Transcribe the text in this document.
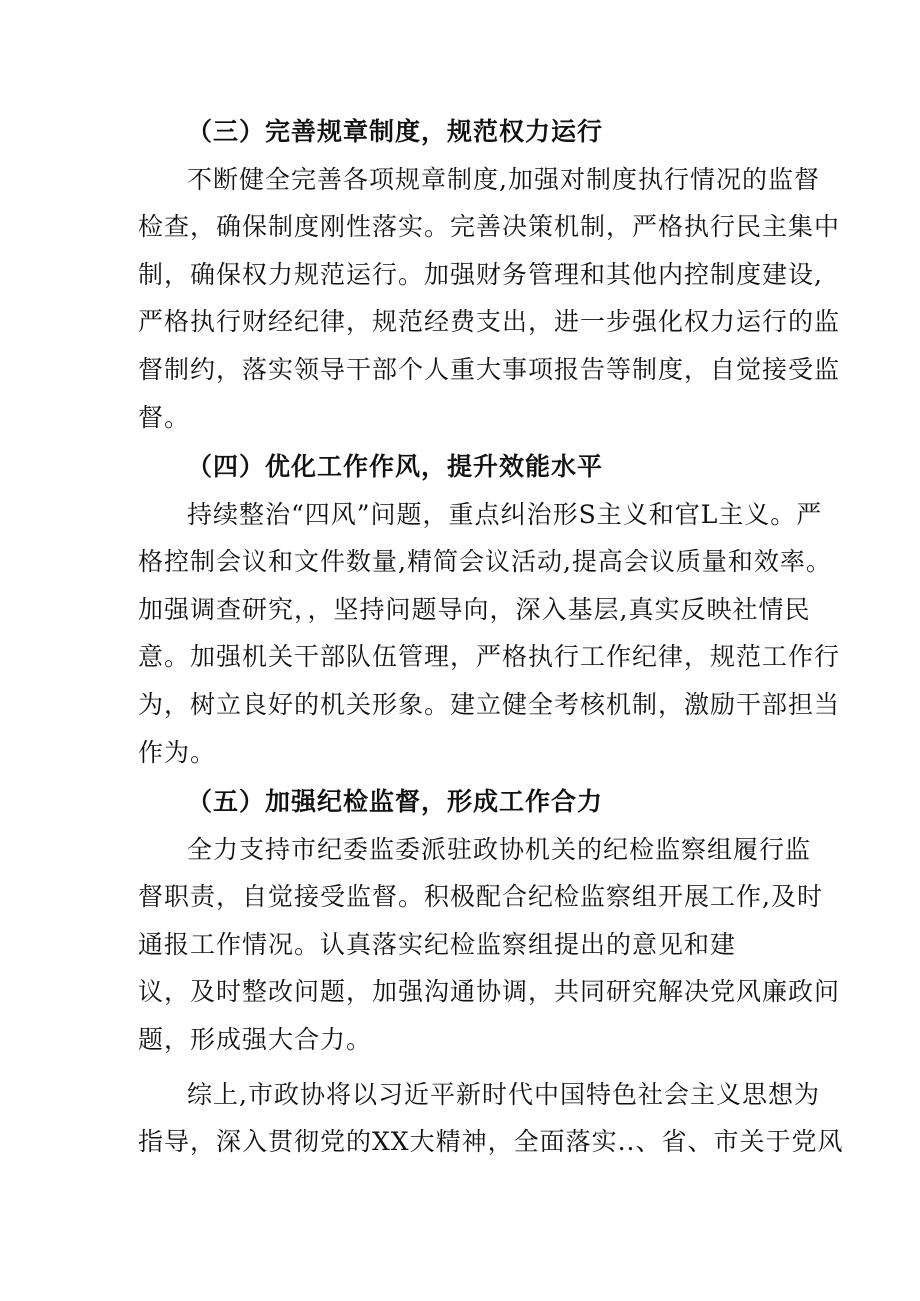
（三）完善规章制度，规范权力运行
不断健全完善各项规章制度,加强对制度执行情况的监督
检查，确保制度刚性落实。完善决策机制，严格执行民主集中
制，确保权力规范运行。加强财务管理和其他内控制度建设,
严格执行财经纪律，规范经费支出，进一步强化权力运行的监
督制约，落实领导干部个人重大事项报告等制度，自觉接受监
督。
（四）优化工作作风，提升效能水平
持续整治“四风”问题，重点纠治形S主义和官L主义。严
格控制会议和文件数量,精简会议活动,提高会议质量和效率。
加强调查研究，，坚持问题导向，深入基层,真实反映社情民
意。加强机关干部队伍管理，严格执行工作纪律，规范工作行
为，树立良好的机关形象。建立健全考核机制，激励干部担当
作为。
（五）加强纪检监督，形成工作合力
全力支持市纪委监委派驻政协机关的纪检监察组履行监
督职责，自觉接受监督。积极配合纪检监察组开展工作,及时
通报工作情况。认真落实纪检监察组提出的意见和建
议，及时整改问题，加强沟通协调，共同研究解决党风廉政问
题，形成强大合力。
综上,市政协将以习近平新时代中国特色社会主义思想为
指导，深入贯彻党的XX大精神，全面落实..、省、市关于党风
